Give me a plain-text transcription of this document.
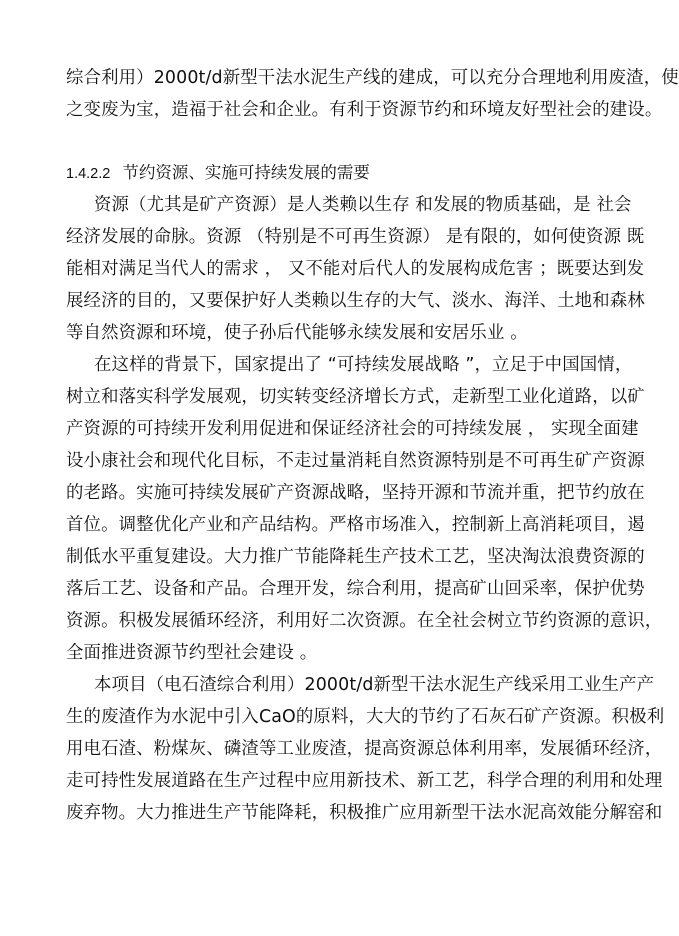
综合利用）2000t/d新型干法水泥生产线的建成，可以充分合理地利用废渣，使
之变废为宝，造福于社会和企业。有利于资源节约和环境友好型社会的建设。
1.4.2.2 节约资源、实施可持续发展的需要
资源（尤其是矿产资源）是人类赖以生存 和发展的物质基础，是 社会
经济发展的命脉。资源 （特别是不可再生资源） 是有限的，如何使资源 既
能相对满足当代人的需求 ， 又不能对后代人的发展构成危害 ；既要达到发
展经济的目的，又要保护好人类赖以生存的大气、淡水、海洋、土地和森林
等自然资源和环境，使子孙后代能够永续发展和安居乐业 。
在这样的背景下，国家提出了 “可持续发展战略 ”，立足于中国国情，
树立和落实科学发展观，切实转变经济增长方式，走新型工业化道路，以矿
产资源的可持续开发利用促进和保证经济社会的可持续发展 ， 实现全面建
设小康社会和现代化目标，不走过量消耗自然资源特别是不可再生矿产资源
的老路。实施可持续发展矿产资源战略，坚持开源和节流并重，把节约放在
首位。调整优化产业和产品结构。严格市场准入，控制新上高消耗项目，遏
制低水平重复建设。大力推广节能降耗生产技术工艺，坚决淘汰浪费资源的
落后工艺、设备和产品。合理开发，综合利用，提高矿山回采率，保护优势
资源。积极发展循环经济，利用好二次资源。在全社会树立节约资源的意识，
全面推进资源节约型社会建设 。
本项目（电石渣综合利用）2000t/d新型干法水泥生产线采用工业生产产
生的废渣作为水泥中引入CaO的原料，大大的节约了石灰石矿产资源。积极利
用电石渣、粉煤灰、磷渣等工业废渣，提高资源总体利用率，发展循环经济，
走可持性发展道路在生产过程中应用新技术、新工艺，科学合理的利用和处理
废弃物。大力推进生产节能降耗，积极推广应用新型干法水泥高效能分解窑和
